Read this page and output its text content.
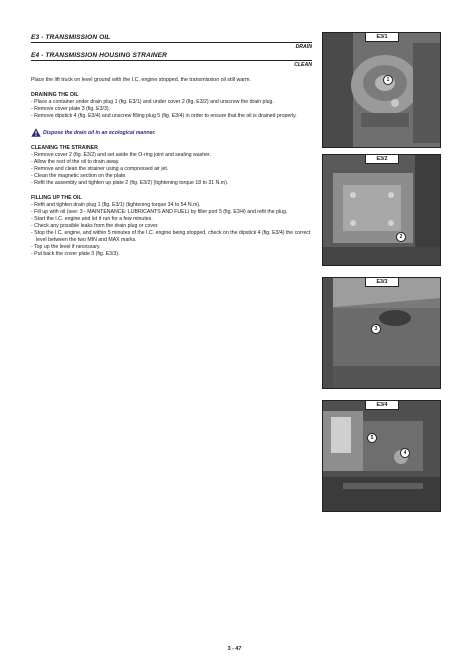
E3 - TRANSMISSION OIL
DRAIN
E4 - TRANSMISSION HOUSING STRAINER
CLEAN
Place the lift truck on level ground with the I.C. engine stopped, the transmission oil still warm.
DRAINING THE OIL
- Place a container under drain plug 1 (fig. E3/1) and under cover 2 (fig. E3/2) and unscrew the drain plug.
- Remove cover plate 3 (fig. E3/3).
- Remove dipstick 4 (fig. E3/4) and unscrew filling plug 5 (fig. E3/4) in order to ensure that the oil is drained properly.
Dispose the drain oil in an ecological manner.
CLEANING THE STRAINER
- Remove cover 2 (fig. E3/2) and set aside the O-ring joint and sealing washer.
- Allow the rest of the oil to drain away.
- Remove and clean the strainer using a compressed air jet.
- Clean the magnetic section on the plate.
- Refit the assembly and tighten up plate 2 (fig. E3/2) (tightening torque 18 to 31 N.m).
FILLING UP THE OIL
- Refit and tighten drain plug 1 (fig. E3/1) (tightening torque 34 to 54 N.m).
- Fill up with oil (see: 3 - MAINTENANCE: LUBRICANTS AND FUEL) by filler port 5 (fig. E3/4) and refit the plug.
- Start the I.C. engine and let it run for a few minutes.
- Check any possible leaks from the drain plug or cover.
- Stop the I.C. engine, and within 5 minutes of the I.C. engine being stopped, check on the dipstick 4 (fig. E3/4) the correct level between the two MIN and MAX marks.
- Top up the level if necessary.
- Put back the cover plate 3 (fig. E3/3).
E3/1
1
E3/2
2
E3/3
3
E3/4
5
4
3 - 47
